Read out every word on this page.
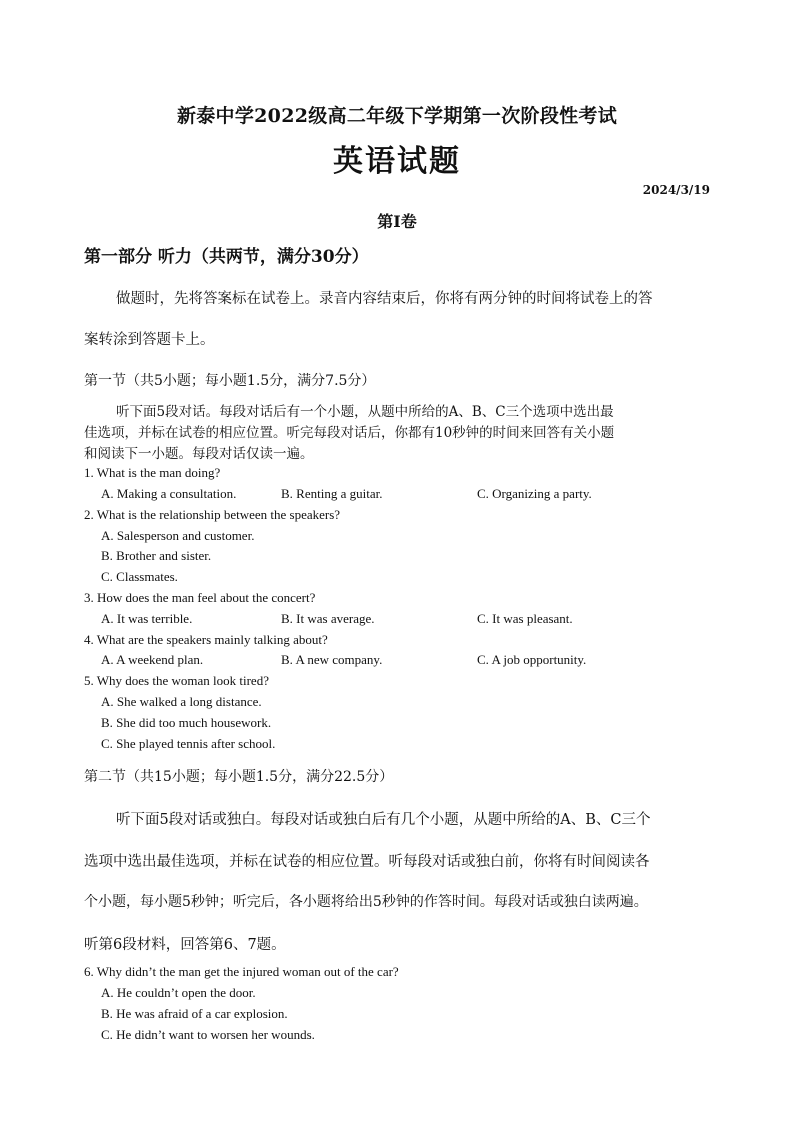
新泰中学2022级高二年级下学期第一次阶段性考试
英语试题
2024/3/19
第I卷
第一部分 听力（共两节，满分30分）
做题时，先将答案标在试卷上。录音内容结束后，你将有两分钟的时间将试卷上的答
案转涂到答题卡上。
第一节（共5小题；每小题1.5分，满分7.5分）
听下面5段对话。每段对话后有一个小题，从题中所给的A、B、C三个选项中选出最
佳选项，并标在试卷的相应位置。听完每段对话后，你都有10秒钟的时间来回答有关小题
和阅读下一小题。每段对话仅读一遍。
1. What is the man doing?
A. Making a consultation.	B. Renting a guitar.	C. Organizing a party.
2. What is the relationship between the speakers?
A. Salesperson and customer.
B. Brother and sister.
C. Classmates.
3. How does the man feel about the concert?
A. It was terrible.	B. It was average.	C. It was pleasant.
4. What are the speakers mainly talking about?
A. A weekend plan.	B. A new company.	C. A job opportunity.
5. Why does the woman look tired?
A. She walked a long distance.
B. She did too much housework.
C. She played tennis after school.
第二节（共15小题；每小题1.5分，满分22.5分）
听下面5段对话或独白。每段对话或独白后有几个小题，从题中所给的A、B、C三个
选项中选出最佳选项，并标在试卷的相应位置。听每段对话或独白前，你将有时间阅读各
个小题，每小题5秒钟；听完后，各小题将给出5秒钟的作答时间。每段对话或独白读两遍。
听第6段材料，回答第6、7题。
6. Why didn’t the man get the injured woman out of the car?
A. He couldn’t open the door.
B. He was afraid of a car explosion.
C. He didn’t want to worsen her wounds.
